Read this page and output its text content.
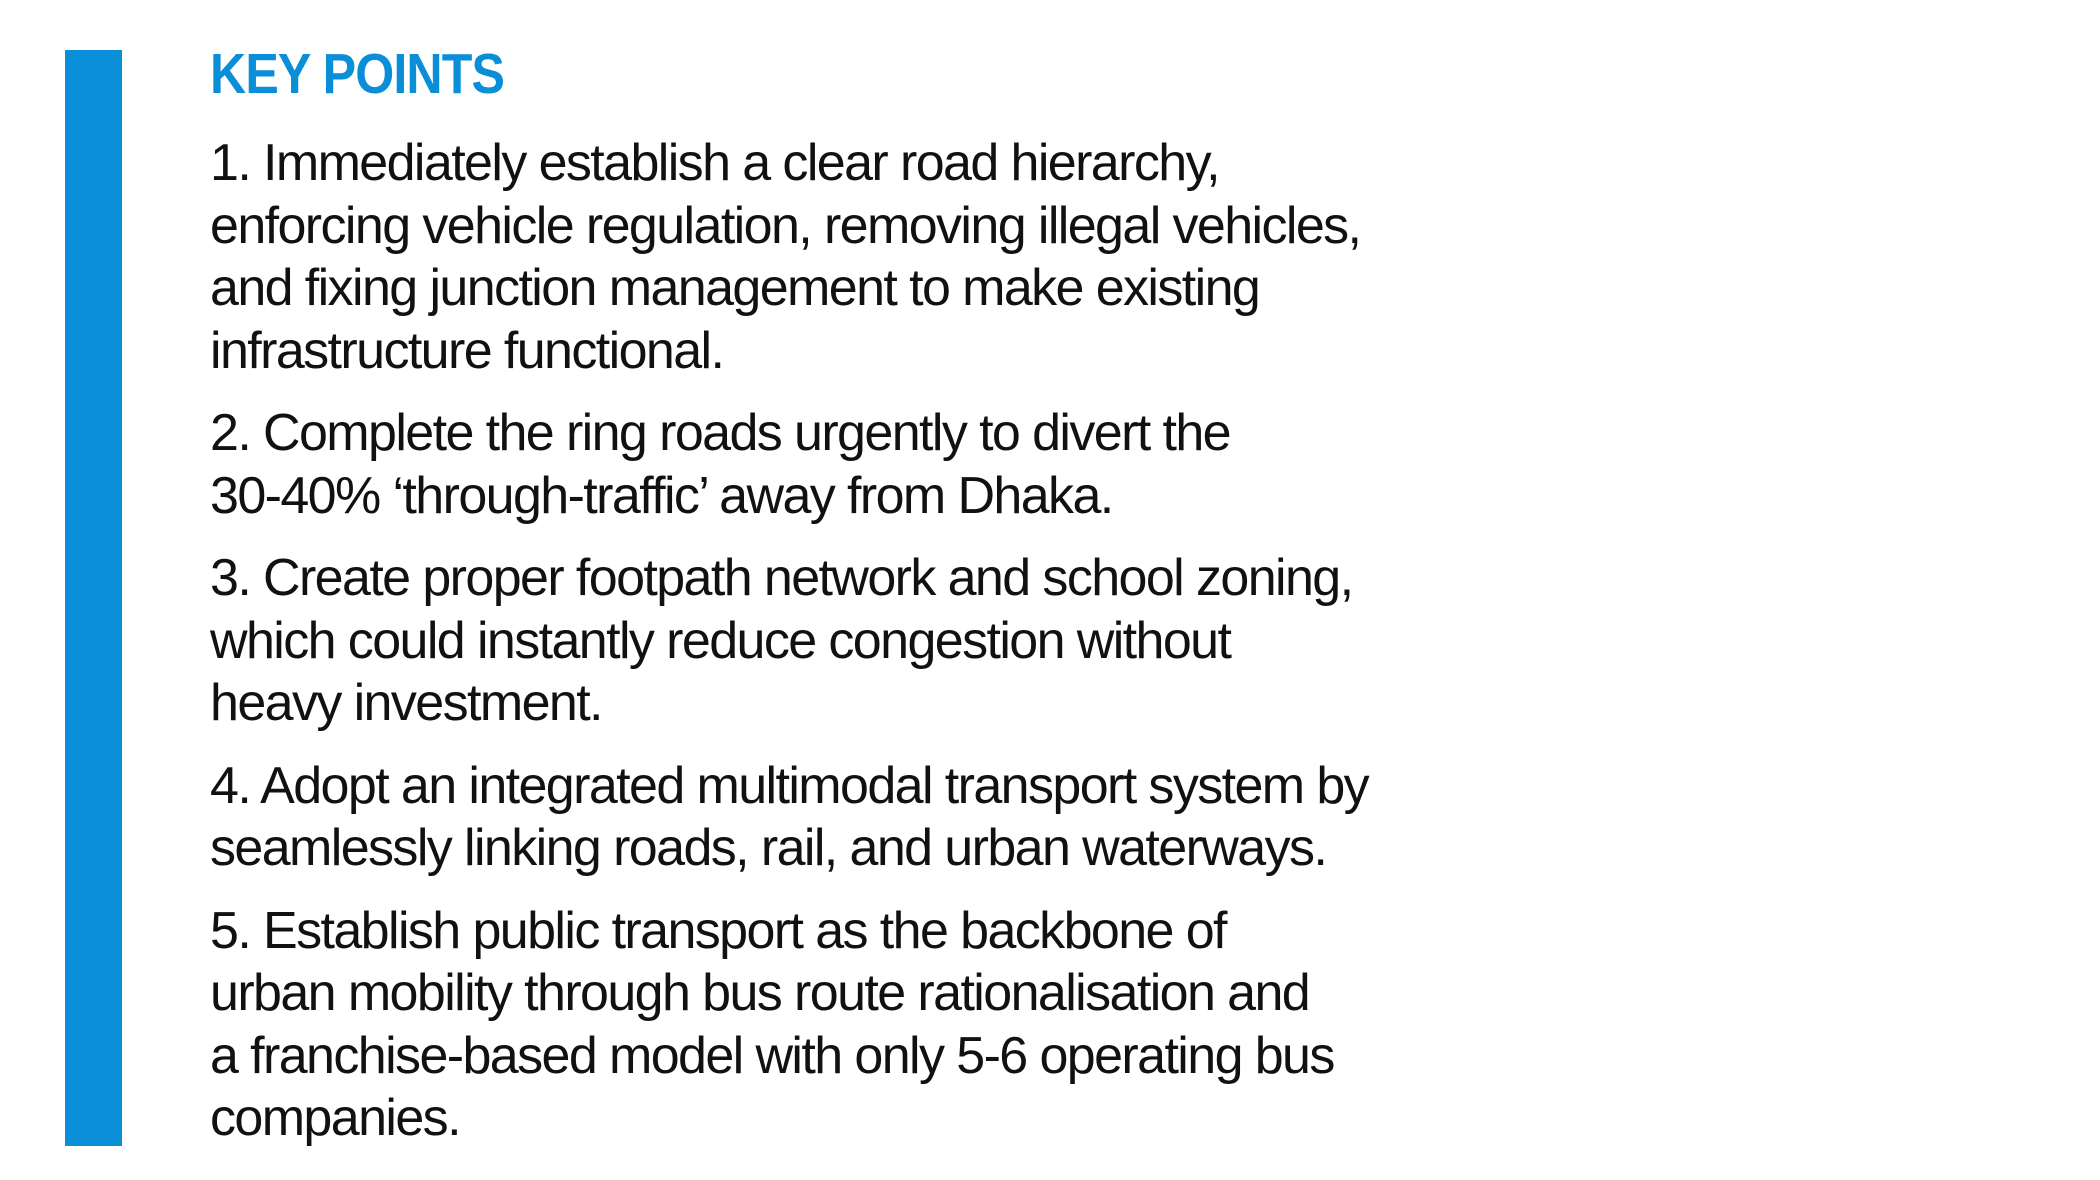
KEY POINTS
1. Immediately establish a clear road hierarchy,
enforcing vehicle regulation, removing illegal vehicles,
and fixing junction management to make existing
infrastructure functional.
2. Complete the ring roads urgently to divert the
30-40% ‘through-traffic’ away from Dhaka.
3. Create proper footpath network and school zoning,
which could instantly reduce congestion without
heavy investment.
4. Adopt an integrated multimodal transport system by
seamlessly linking roads, rail, and urban waterways.
5. Establish public transport as the backbone of
urban mobility through bus route rationalisation and
a franchise-based model with only 5-6 operating bus
companies.
